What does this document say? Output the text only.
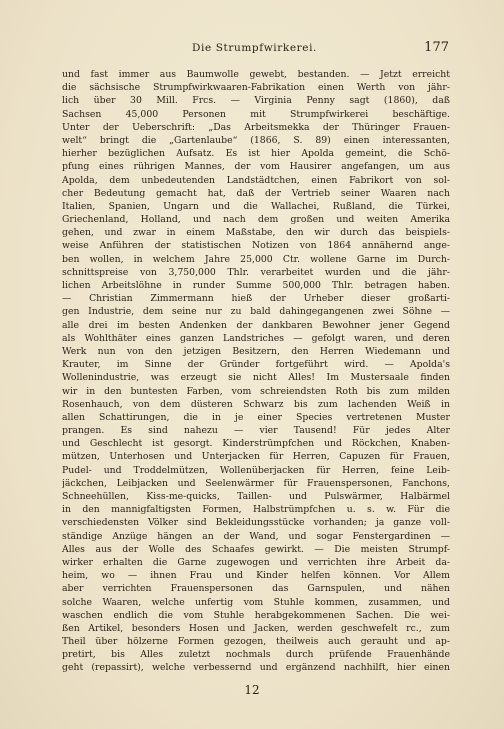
Die Strumpfwirkerei.	177
und fast immer aus Baumwolle gewebt, bestanden. — Jetzt erreicht
die sächsische Strumpfwirkwaaren-Fabrikation einen Werth von jähr-
lich über 30 Mill. Frcs. — Virginia Penny sagt (1860), daß
Sachsen 45,000 Personen mit Strumpfwirkerei beschäftige.
Unter der Ueberschrift: „Das Arbeitsmekka der Thüringer Frauen-
welt“ bringt die „Gartenlaube“ (1866, S. 89) einen interessanten,
hierher bezüglichen Aufsatz. Es ist hier Apolda gemeint, die Schö-
pfung eines rührigen Mannes, der vom Hausirer angefangen, um aus
Apolda, dem unbedeutenden Landstädtchen, einen Fabrikort von sol-
cher Bedeutung gemacht hat, daß der Vertrieb seiner Waaren nach
Italien, Spanien, Ungarn und die Wallachei, Rußland, die Türkei,
Griechenland, Holland, und nach dem großen und weiten Amerika
gehen, und zwar in einem Maßstabe, den wir durch das beispiels-
weise Anführen der statistischen Notizen von 1864 annähernd ange-
ben wollen, in welchem Jahre 25,000 Ctr. wollene Garne im Durch-
schnittspreise von 3,750,000 Thlr. verarbeitet wurden und die jähr-
lichen Arbeitslöhne in runder Summe 500,000 Thlr. betragen haben.
— Christian Zimmermann hieß der Urheber dieser großarti-
gen Industrie, dem seine nur zu bald dahingegangenen zwei Söhne —
alle drei im besten Andenken der dankbaren Bewohner jener Gegend
als Wohlthäter eines ganzen Landstriches — gefolgt waren, und deren
Werk nun von den jetzigen Besitzern, den Herren Wiedemann und
Krauter, im Sinne der Gründer fortgeführt wird. — Apolda's
Wollenindustrie, was erzeugt sie nicht Alles! Im Mustersaale finden
wir in den buntesten Farben, vom schreiendsten Roth bis zum milden
Rosenhauch, von dem düsteren Schwarz bis zum lachenden Weiß in
allen Schattirungen, die in je einer Species vertretenen Muster
prangen. Es sind nahezu — vier Tausend! Für jedes Alter
und Geschlecht ist gesorgt. Kinderstrümpfchen und Röckchen, Knaben-
mützen, Unterhosen und Unterjacken für Herren, Capuzen für Frauen,
Pudel- und Troddelmützen, Wollenüberjacken für Herren, feine Leib-
jäckchen, Leibjacken und Seelenwärmer für Frauenspersonen, Fanchons,
Schneehüllen, Kiss-me-quicks, Taillen- und Pulswärmer, Halbärmel
in den mannigfaltigsten Formen, Halbstrümpfchen u. s. w. Für die
verschiedensten Völker sind Bekleidungsstücke vorhanden; ja ganze voll-
ständige Anzüge hängen an der Wand, und sogar Fenstergardinen —
Alles aus der Wolle des Schaafes gewirkt. — Die meisten Strumpf-
wirker erhalten die Garne zugewogen und verrichten ihre Arbeit da-
heim, wo — ihnen Frau und Kinder helfen können. Vor Allem
aber verrichten Frauenspersonen das Garnspulen, und nähen
solche Waaren, welche unfertig vom Stuhle kommen, zusammen, und
waschen endlich die vom Stuhle herabgekommenen Sachen. Die wei-
ßen Artikel, besonders Hosen und Jacken, werden geschwefelt rc., zum
Theil über hölzerne Formen gezogen, theilweis auch gerauht und ap-
pretirt, bis Alles zuletzt nochmals durch prüfende Frauenhände
geht (repassirt), welche verbessernd und ergänzend nachhilft, hier einen
12
